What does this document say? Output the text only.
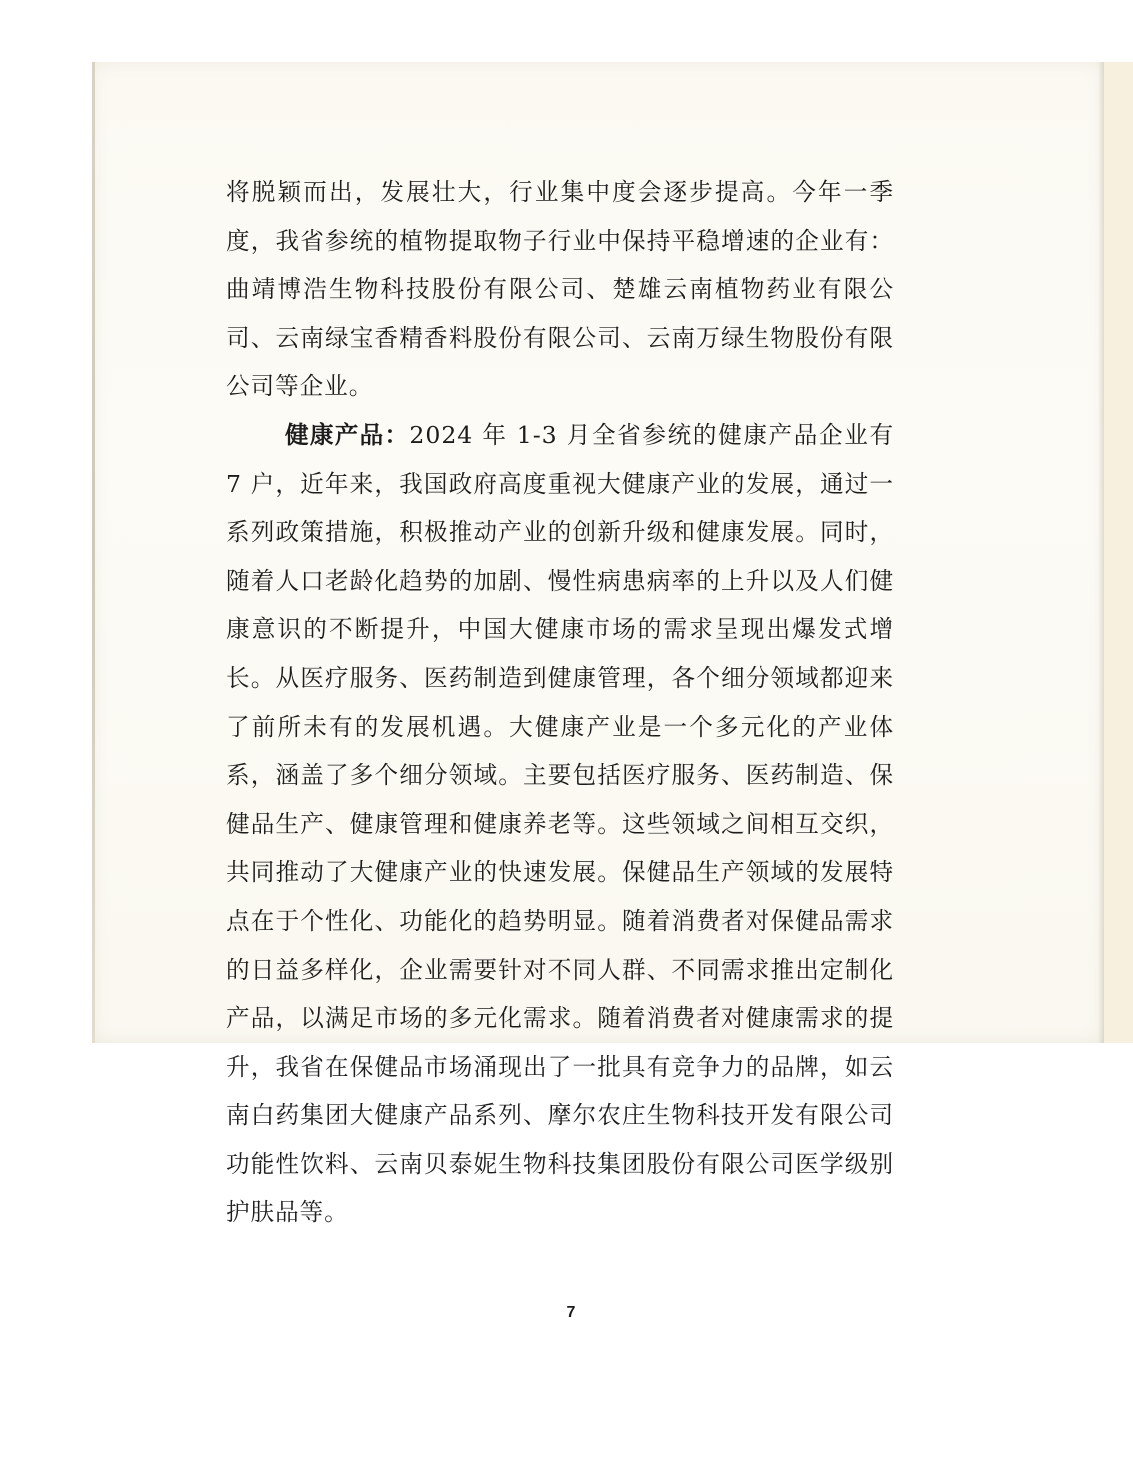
将脱颖而出，发展壮大，行业集中度会逐步提高。今年一季度，我省参统的植物提取物子行业中保持平稳增速的企业有：曲靖博浩生物科技股份有限公司、楚雄云南植物药业有限公司、云南绿宝香精香料股份有限公司、云南万绿生物股份有限公司等企业。

健康产品：2024 年 1-3 月全省参统的健康产品企业有 7 户，近年来，我国政府高度重视大健康产业的发展，通过一系列政策措施，积极推动产业的创新升级和健康发展。同时，随着人口老龄化趋势的加剧、慢性病患病率的上升以及人们健康意识的不断提升，中国大健康市场的需求呈现出爆发式增长。从医疗服务、医药制造到健康管理，各个细分领域都迎来了前所未有的发展机遇。大健康产业是一个多元化的产业体系，涵盖了多个细分领域。主要包括医疗服务、医药制造、保健品生产、健康管理和健康养老等。这些领域之间相互交织，共同推动了大健康产业的快速发展。保健品生产领域的发展特点在于个性化、功能化的趋势明显。随着消费者对保健品需求的日益多样化，企业需要针对不同人群、不同需求推出定制化产品，以满足市场的多元化需求。随着消费者对健康需求的提升，我省在保健品市场涌现出了一批具有竞争力的品牌，如云南白药集团大健康产品系列、摩尔农庄生物科技开发有限公司功能性饮料、云南贝泰妮生物科技集团股份有限公司医学级别护肤品等。

7
